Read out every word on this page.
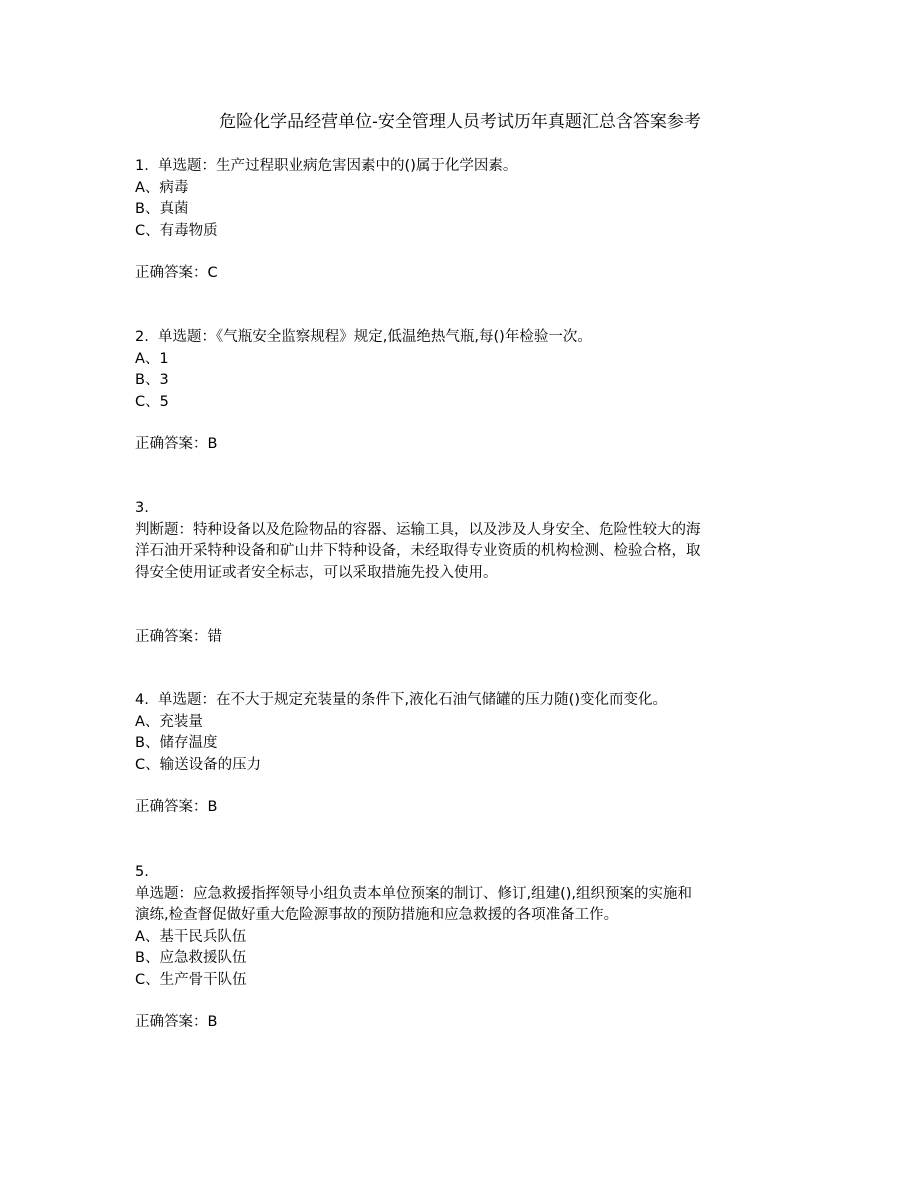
危险化学品经营单位-安全管理人员考试历年真题汇总含答案参考
1.  单选题：生产过程职业病危害因素中的()属于化学因素。
A、病毒
B、真菌
C、有毒物质
正确答案：C
2.  单选题：《气瓶安全监察规程》规定,低温绝热气瓶,每()年检验一次。
A、1
B、3
C、5
正确答案：B
3.
判断题：特种设备以及危险物品的容器、运输工具，以及涉及人身安全、危险性较大的海
洋石油开采特种设备和矿山井下特种设备，未经取得专业资质的机构检测、检验合格，取
得安全使用证或者安全标志，可以采取措施先投入使用。
正确答案：错
4.  单选题：在不大于规定充装量的条件下,液化石油气储罐的压力随()变化而变化。
A、充装量
B、储存温度
C、输送设备的压力
正确答案：B
5.
单选题：应急救援指挥领导小组负责本单位预案的制订、修订,组建(),组织预案的实施和
演练,检查督促做好重大危险源事故的预防措施和应急救援的各项准备工作。
A、基干民兵队伍
B、应急救援队伍
C、生产骨干队伍
正确答案：B
